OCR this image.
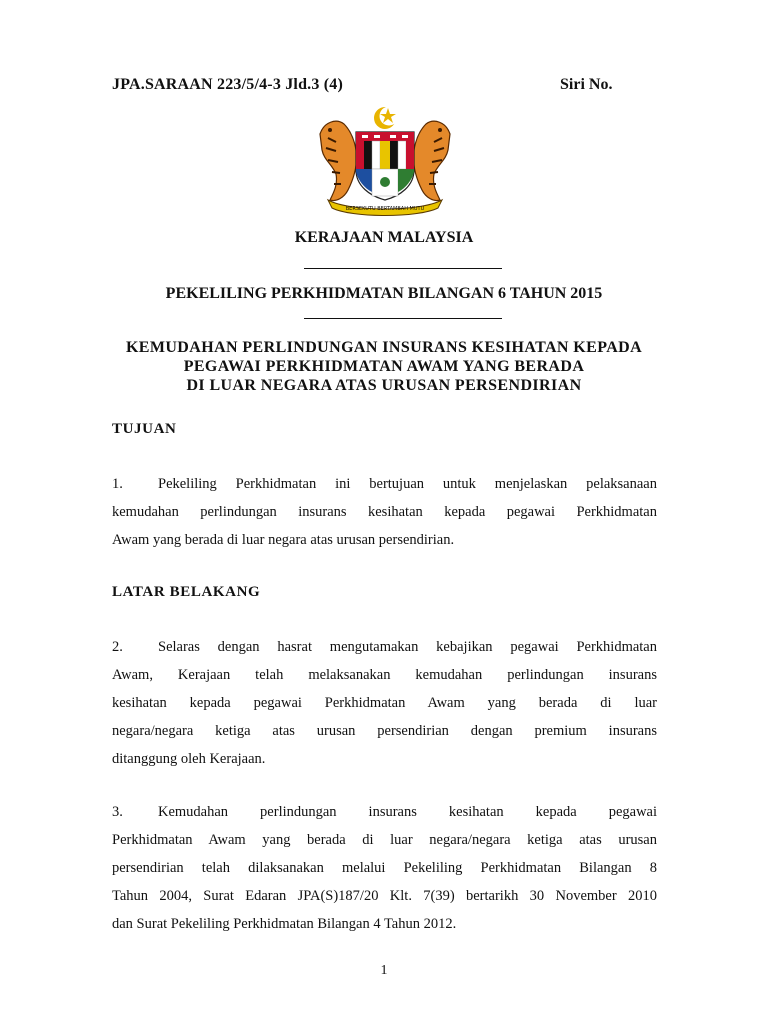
JPA.SARAAN 223/5/4-3 Jld.3 (4)	Siri No.
BERSEKUTU BERTAMBAH MUTU
KERAJAAN MALAYSIA
PEKELILING PERKHIDMATAN BILANGAN 6 TAHUN 2015
KEMUDAHAN PERLINDUNGAN INSURANS KESIHATAN KEPADA
PEGAWAI PERKHIDMATAN AWAM YANG BERADA
DI LUAR NEGARA ATAS URUSAN PERSENDIRIAN
TUJUAN
1. Pekeliling Perkhidmatan ini bertujuan untuk menjelaskan pelaksanaan
kemudahan perlindungan insurans kesihatan kepada pegawai Perkhidmatan
Awam yang berada di luar negara atas urusan persendirian.
LATAR BELAKANG
2. Selaras dengan hasrat mengutamakan kebajikan pegawai Perkhidmatan
Awam, Kerajaan telah melaksanakan kemudahan perlindungan insurans
kesihatan kepada pegawai Perkhidmatan Awam yang berada di luar
negara/negara ketiga atas urusan persendirian dengan premium insurans
ditanggung oleh Kerajaan.
3. Kemudahan perlindungan insurans kesihatan kepada pegawai
Perkhidmatan Awam yang berada di luar negara/negara ketiga atas urusan
persendirian telah dilaksanakan melalui Pekeliling Perkhidmatan Bilangan 8
Tahun 2004, Surat Edaran JPA(S)187/20 Klt. 7(39) bertarikh 30 November 2010
dan Surat Pekeliling Perkhidmatan Bilangan 4 Tahun 2012.
1
